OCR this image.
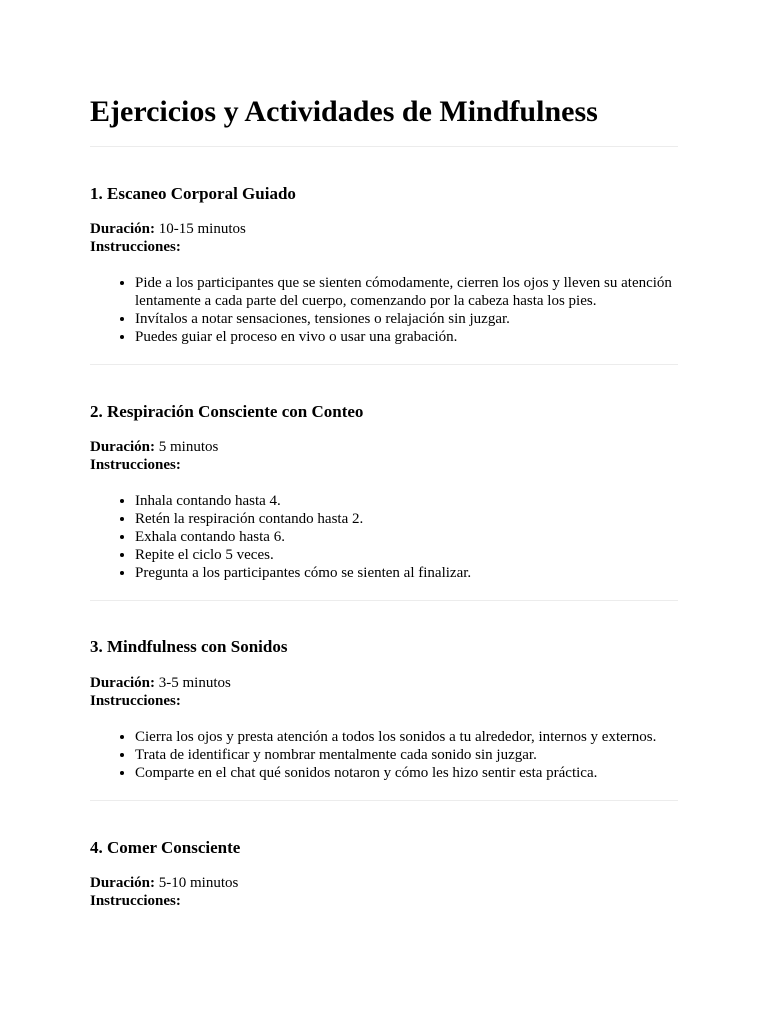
Ejercicios y Actividades de Mindfulness
1. Escaneo Corporal Guiado
Duración: 10-15 minutos
Instrucciones:
• Pide a los participantes que se sienten cómodamente, cierren los ojos y lleven su atención lentamente a cada parte del cuerpo, comenzando por la cabeza hasta los pies.
• Invítalos a notar sensaciones, tensiones o relajación sin juzgar.
• Puedes guiar el proceso en vivo o usar una grabación.
2. Respiración Consciente con Conteo
Duración: 5 minutos
Instrucciones:
• Inhala contando hasta 4.
• Retén la respiración contando hasta 2.
• Exhala contando hasta 6.
• Repite el ciclo 5 veces.
• Pregunta a los participantes cómo se sienten al finalizar.
3. Mindfulness con Sonidos
Duración: 3-5 minutos
Instrucciones:
• Cierra los ojos y presta atención a todos los sonidos a tu alrededor, internos y externos.
• Trata de identificar y nombrar mentalmente cada sonido sin juzgar.
• Comparte en el chat qué sonidos notaron y cómo les hizo sentir esta práctica.
4. Comer Consciente
Duración: 5-10 minutos
Instrucciones:
